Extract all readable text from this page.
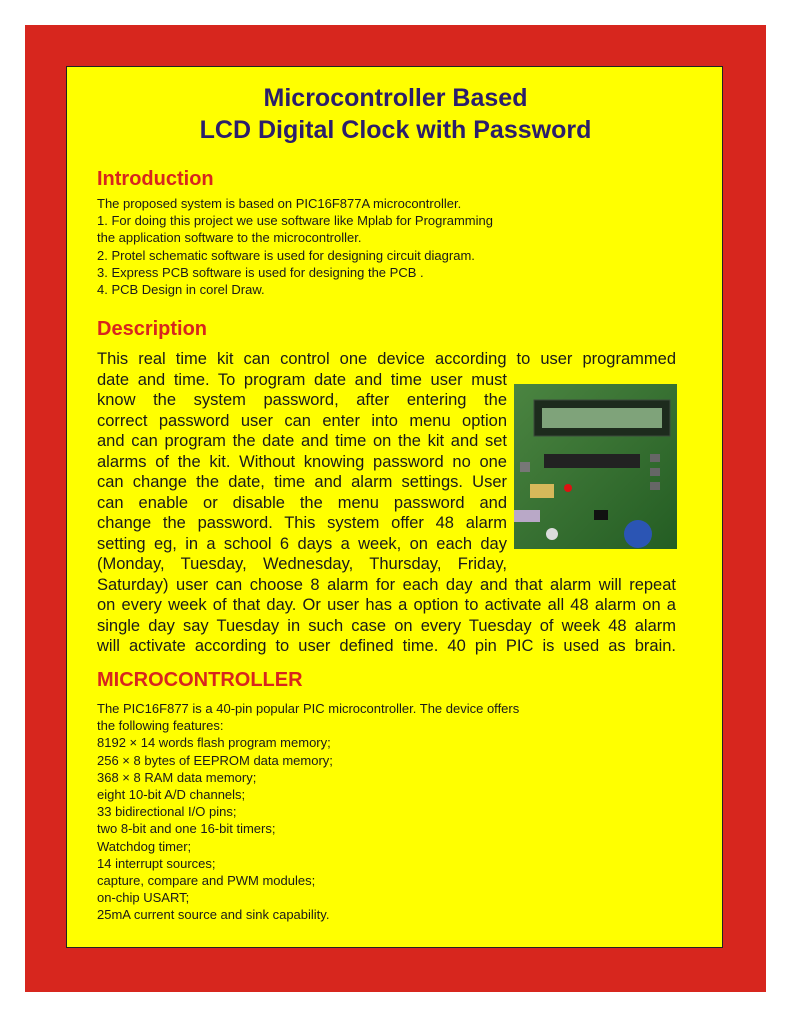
Microcontroller Based
LCD Digital Clock with Password
Introduction
The proposed system is based on PIC16F877A microcontroller.
1. For doing this project we use software like Mplab for Programming
the application software to the microcontroller.
2. Protel schematic software is used for designing circuit diagram.
3. Express PCB software is used for designing the PCB .
4. PCB Design in corel Draw.
Description
This real time kit can control one device according to user programmed
date and time. To program date and time user must
know the system password, after entering the
correct password user can enter into menu option
and can program the date and time on the kit and set
alarms of the kit. Without knowing password no one
can change the date, time and alarm settings. User
can enable or disable the menu password and
change the password. This system offer 48 alarm
setting eg, in a school 6 days a week, on each day
(Monday, Tuesday, Wednesday, Thursday, Friday,
Saturday) user can choose 8 alarm for each day and that alarm will repeat
on every week of that day. Or user has a option to activate all 48 alarm on a
single day say Tuesday in such case on every Tuesday of week 48 alarm
will activate according to user defined time. 40 pin PIC is used as brain.
MICROCONTROLLER
The PIC16F877 is a 40-pin popular PIC microcontroller. The device offers
the following features:
8192 × 14 words flash program memory;
256 × 8 bytes of EEPROM data memory;
368 × 8 RAM data memory;
eight 10-bit A/D channels;
33 bidirectional I/O pins;
two 8-bit and one 16-bit timers;
Watchdog timer;
14 interrupt sources;
capture, compare and PWM modules;
on-chip USART;
25mA current source and sink capability.
